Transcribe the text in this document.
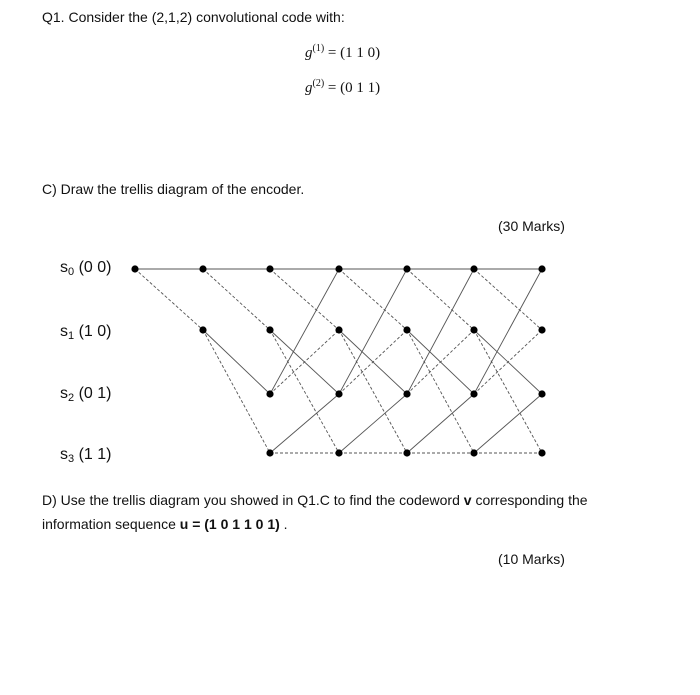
Q1. Consider the (2,1,2) convolutional code with:
$g^{(1)} = (1$ 1 0)
$g^{(2)} = (0$ 1 1)
C) Draw the trellis diagram of the encoder.
(30 Marks)
$s_0$ (0 0)
$s_1$ (1 0)
$s_2$ (0 1)
$s_3$ (1 1)
D) Use the trellis diagram you showed in Q1.C to find the codeword v corresponding the
information sequence u = (1 0 1 1 0 1) .
(10 Marks)
